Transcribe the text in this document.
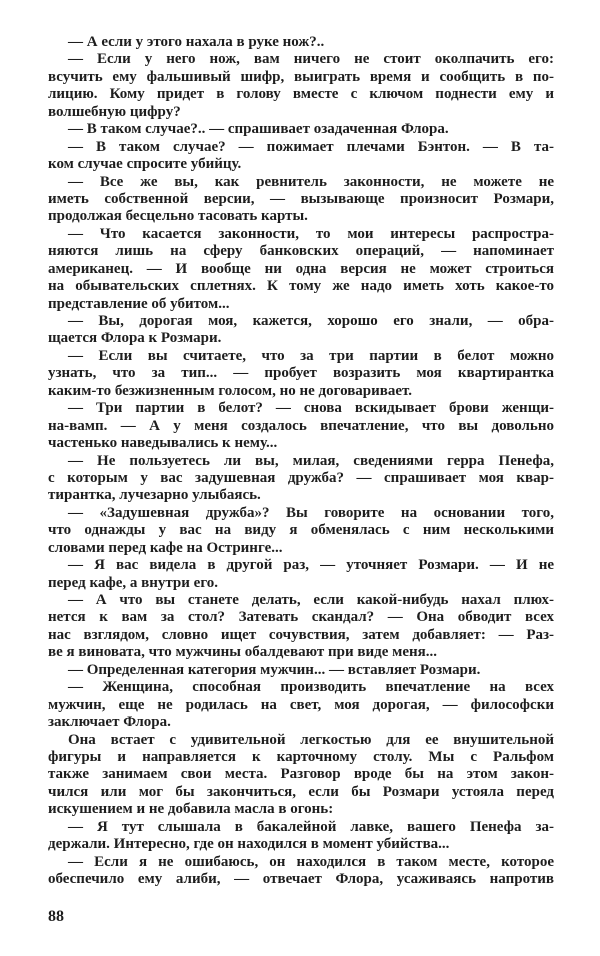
— А если у этого нахала в руке нож?..
— Если у него нож, вам ничего не стоит околпачить его:
всучить ему фальшивый шифр, выиграть время и сообщить в по-
лицию. Кому придет в голову вместе с ключом поднести ему и
волшебную цифру?
— В таком случае?.. — спрашивает озадаченная Флора.
— В таком случае? — пожимает плечами Бэнтон. — В та-
ком случае спросите убийцу.
— Все же вы, как ревнитель законности, не можете не
иметь собственной версии, — вызывающе произносит Розмари,
продолжая бесцельно тасовать карты.
— Что касается законности, то мои интересы распростра-
няются лишь на сферу банковских операций, — напоминает
американец. — И вообще ни одна версия не может строиться
на обывательских сплетнях. К тому же надо иметь хоть какое-то
представление об убитом...
— Вы, дорогая моя, кажется, хорошо его знали, — обра-
щается Флора к Розмари.
— Если вы считаете, что за три партии в белот можно
узнать, что за тип... — пробует возразить моя квартирантка
каким-то безжизненным голосом, но не договаривает.
— Три партии в белот? — снова вскидывает брови женщи-
на-вамп. — А у меня создалось впечатление, что вы довольно
частенько наведывались к нему...
— Не пользуетесь ли вы, милая, сведениями герра Пенефа,
с которым у вас задушевная дружба? — спрашивает моя квар-
тирантка, лучезарно улыбаясь.
— «Задушевная дружба»? Вы говорите на основании того,
что однажды у вас на виду я обменялась с ним несколькими
словами перед кафе на Остринге...
— Я вас видела в другой раз, — уточняет Розмари. — И не
перед кафе, а внутри его.
— А что вы станете делать, если какой-нибудь нахал плюх-
нется к вам за стол? Затевать скандал? — Она обводит всех
нас взглядом, словно ищет сочувствия, затем добавляет: — Раз-
ве я виновата, что мужчины обалдевают при виде меня...
— Определенная категория мужчин... — вставляет Розмари.
— Женщина, способная производить впечатление на всех
мужчин, еще не родилась на свет, моя дорогая, — философски
заключает Флора.
Она встает с удивительной легкостью для ее внушительной
фигуры и направляется к карточному столу. Мы с Ральфом
также занимаем свои места. Разговор вроде бы на этом закон-
чился или мог бы закончиться, если бы Розмари устояла перед
искушением и не добавила масла в огонь:
— Я тут слышала в бакалейной лавке, вашего Пенефа за-
держали. Интересно, где он находился в момент убийства...
— Если я не ошибаюсь, он находился в таком месте, которое
обеспечило ему алиби, — отвечает Флора, усаживаясь напротив
88
